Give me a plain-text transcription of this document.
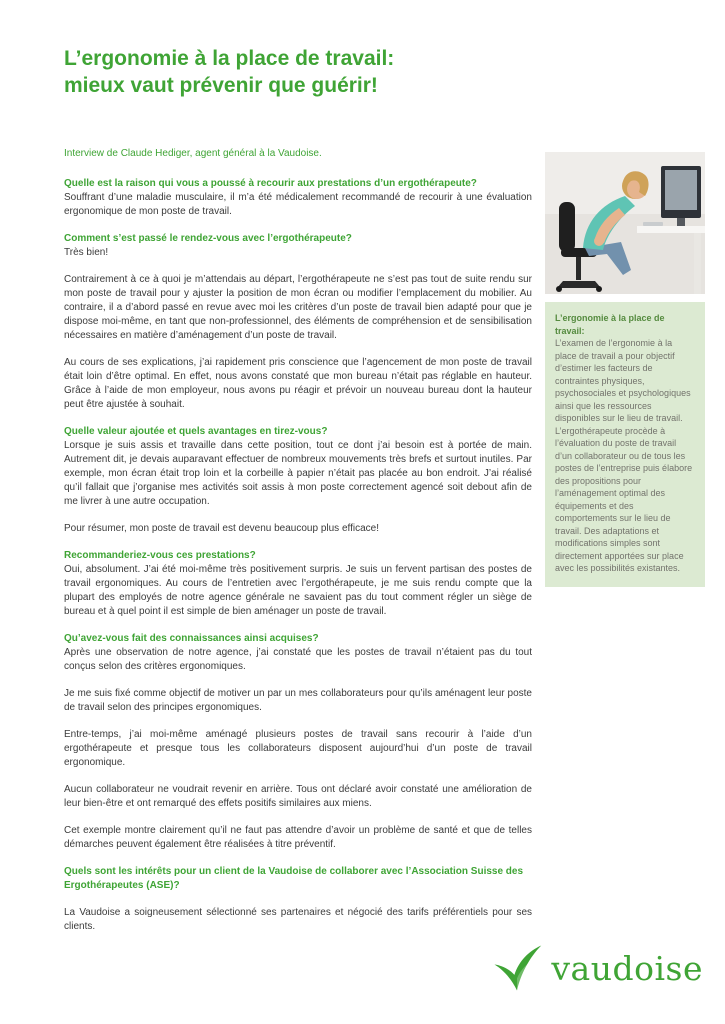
L’ergonomie à la place de travail:
mieux vaut prévenir que guérir!

Interview de Claude Hediger, agent général à la Vaudoise.

Quelle est la raison qui vous a poussé à recourir aux prestations d’un ergothérapeute?
Souffrant d’une maladie musculaire, il m’a été médicalement recommandé de recourir à une évaluation ergonomique de mon poste de travail.
Comment s’est passé le rendez-vous avec l’ergothérapeute?
Très bien!
Contrairement à ce à quoi je m’attendais au départ, l’ergothérapeute ne s’est pas tout de suite rendu sur mon poste de travail pour y ajuster la position de mon écran ou modifier l’emplacement du mobilier. Au contraire, il a d’abord passé en revue avec moi les critères d’un poste de travail bien adapté pour que je dispose moi-même, en tant que non-professionnel, des éléments de compréhension et de sensibilisation nécessaires en matière d’aménagement d’un poste de travail.
Au cours de ses explications, j’ai rapidement pris conscience que l’agencement de mon poste de travail était loin d’être optimal. En effet, nous avons constaté que mon bureau n’était pas réglable en hauteur. Grâce à l’aide de mon employeur, nous avons pu réagir et prévoir un nouveau bureau dont la hauteur peut être ajustée à souhait.
Quelle valeur ajoutée et quels avantages en tirez-vous?
Lorsque je suis assis et travaille dans cette position, tout ce dont j’ai besoin est à portée de main. Autrement dit, je devais auparavant effectuer de nombreux mouvements très brefs et surtout inutiles. Par exemple, mon écran était trop loin et la corbeille à papier n’était pas placée au bon endroit. J’ai réalisé qu’il fallait que j’organise mes activités soit assis à mon poste correctement agencé soit debout afin de me livrer à une autre occupation.
Pour résumer, mon poste de travail est devenu beaucoup plus efficace!
Recommanderiez-vous ces prestations?
Oui, absolument. J’ai été moi-même très positivement surpris. Je suis un fervent partisan des postes de travail ergonomiques. Au cours de l’entretien avec l’ergothérapeute, je me suis rendu compte que la plupart des employés de notre agence générale ne savaient pas du tout comment régler un siège de bureau et à quel point il est simple de bien aménager un poste de travail.
Qu’avez-vous fait des connaissances ainsi acquises?
Après une observation de notre agence, j’ai constaté que les postes de travail n’étaient pas du tout conçus selon des critères ergonomiques.
Je me suis fixé comme objectif de motiver un par un mes collaborateurs pour qu’ils aménagent leur poste de travail selon des principes ergonomiques.
Entre-temps, j’ai moi-même aménagé plusieurs postes de travail sans recourir à l’aide d’un ergothérapeute et presque tous les collaborateurs disposent aujourd’hui d’un poste de travail ergonomique.
Aucun collaborateur ne voudrait revenir en arrière. Tous ont déclaré avoir constaté une amélioration de leur bien-être et ont remarqué des effets positifs similaires aux miens.
Cet exemple montre clairement qu’il ne faut pas attendre d’avoir un problème de santé et que de telles démarches peuvent également être réalisées à titre préventif.
Quels sont les intérêts pour un client de la Vaudoise de collaborer avec l’Association Suisse des Ergothérapeutes (ASE)?
La Vaudoise a soigneusement sélectionné ses partenaires et négocié des tarifs préférentiels pour ses clients.

L’ergonomie à la place de travail:

L’examen de l’ergonomie à la place de travail a pour objectif d’estimer les facteurs de contraintes physiques, psychosociales et psychologiques ainsi que les ressources disponibles sur le lieu de travail. L’ergothérapeute procède à l’évaluation du poste de travail d’un collaborateur ou de tous les postes de l’entreprise puis élabore des propositions pour l’aménagement optimal des équipements et des comportements sur le lieu de travail. Des adaptations et modifications simples sont directement apportées sur place avec les possibilités existantes.

vaudoise
